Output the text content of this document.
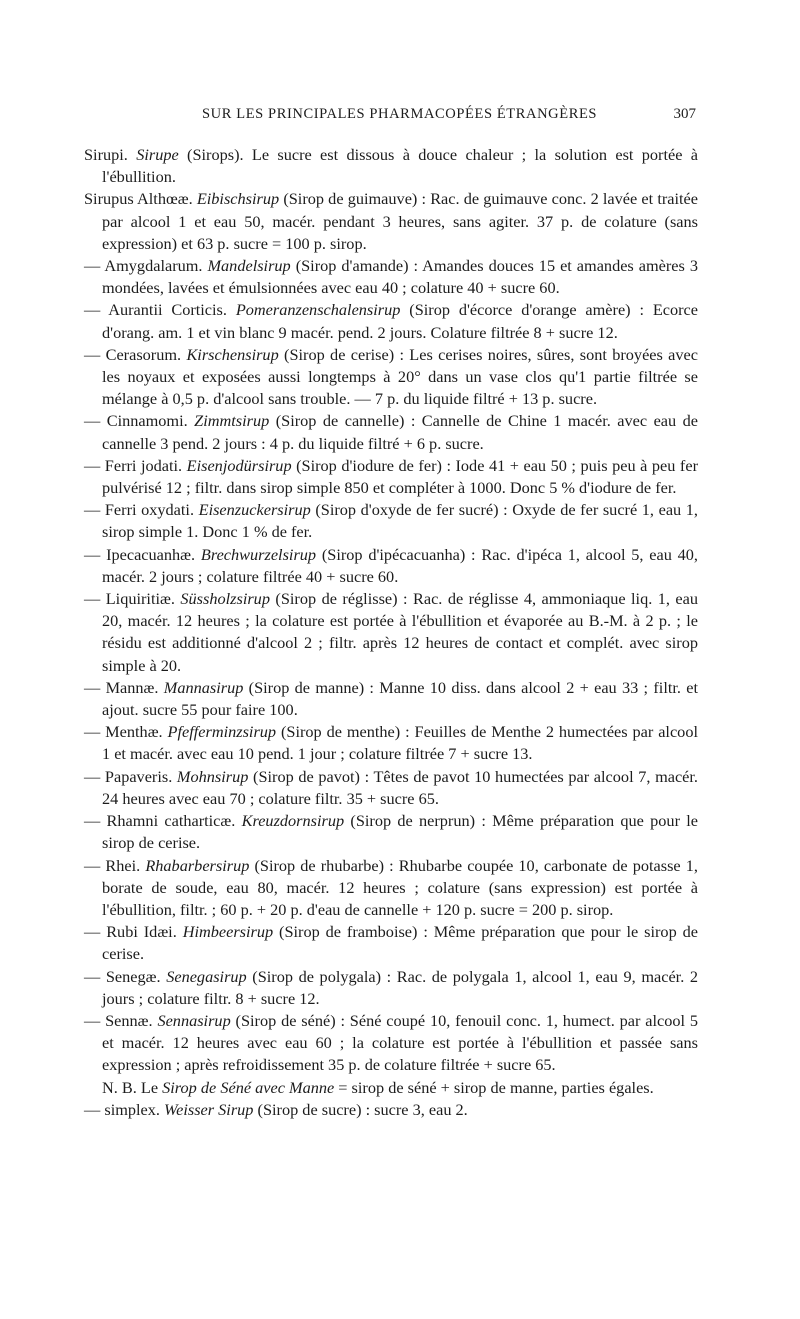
SUR LES PRINCIPALES PHARMACOPÉES ÉTRANGÈRES	307

Sirupi. Sirupe (Sirops). Le sucre est dissous à douce chaleur ; la solution est portée à l'ébullition.

Sirupus Althœæ. Eibischsirup (Sirop de guimauve) : Rac. de guimauve conc. 2 lavée et traitée par alcool 1 et eau 50, macér. pendant 3 heures, sans agiter. 37 p. de colature (sans expression) et 63 p. sucre = 100 p. sirop.

— Amygdalarum. Mandelsirup (Sirop d'amande) : Amandes douces 15 et amandes amères 3 mondées, lavées et émulsionnées avec eau 40 ; colature 40 + sucre 60.

— Aurantii Corticis. Pomeranzenschalensirup (Sirop d'écorce d'orange amère) : Ecorce d'orang. am. 1 et vin blanc 9 macér. pend. 2 jours. Colature filtrée 8 + sucre 12.

— Cerasorum. Kirschensirup (Sirop de cerise) : Les cerises noires, sûres, sont broyées avec les noyaux et exposées aussi longtemps à 20° dans un vase clos qu'1 partie filtrée se mélange à 0,5 p. d'alcool sans trouble. — 7 p. du liquide filtré + 13 p. sucre.

— Cinnamomi. Zimmtsirup (Sirop de cannelle) : Cannelle de Chine 1 macér. avec eau de cannelle 3 pend. 2 jours : 4 p. du liquide filtré + 6 p. sucre.

— Ferri jodati. Eisenjodürsirup (Sirop d'iodure de fer) : Iode 41 + eau 50 ; puis peu à peu fer pulvérisé 12 ; filtr. dans sirop simple 850 et compléter à 1000. Donc 5 % d'iodure de fer.

— Ferri oxydati. Eisenzuckersirup (Sirop d'oxyde de fer sucré) : Oxyde de fer sucré 1, eau 1, sirop simple 1. Donc 1 % de fer.

— Ipecacuanhæ. Brechwurzelsirup (Sirop d'ipécacuanha) : Rac. d'ipéca 1, alcool 5, eau 40, macér. 2 jours ; colature filtrée 40 + sucre 60.

— Liquiritiæ. Süssholzsirup (Sirop de réglisse) : Rac. de réglisse 4, ammoniaque liq. 1, eau 20, macér. 12 heures ; la colature est portée à l'ébullition et évaporée au B.-M. à 2 p. ; le résidu est additionné d'alcool 2 ; filtr. après 12 heures de contact et complét. avec sirop simple à 20.

— Mannæ. Mannasirup (Sirop de manne) : Manne 10 diss. dans alcool 2 + eau 33 ; filtr. et ajout. sucre 55 pour faire 100.

— Menthæ. Pfefferminzsirup (Sirop de menthe) : Feuilles de Menthe 2 humectées par alcool 1 et macér. avec eau 10 pend. 1 jour ; colature filtrée 7 + sucre 13.

— Papaveris. Mohnsirup (Sirop de pavot) : Têtes de pavot 10 humectées par alcool 7, macér. 24 heures avec eau 70 ; colature filtr. 35 + sucre 65.

— Rhamni catharticæ. Kreuzdornsirup (Sirop de nerprun) : Même préparation que pour le sirop de cerise.

— Rhei. Rhabarbersirup (Sirop de rhubarbe) : Rhubarbe coupée 10, carbonate de potasse 1, borate de soude, eau 80, macér. 12 heures ; colature (sans expression) est portée à l'ébullition, filtr. ; 60 p. + 20 p. d'eau de cannelle + 120 p. sucre = 200 p. sirop.

— Rubi Idæi. Himbeersirup (Sirop de framboise) : Même préparation que pour le sirop de cerise.

— Senegæ. Senegasirup (Sirop de polygala) : Rac. de polygala 1, alcool 1, eau 9, macér. 2 jours ; colature filtr. 8 + sucre 12.

— Sennæ. Sennasirup (Sirop de séné) : Séné coupé 10, fenouil conc. 1, humect. par alcool 5 et macér. 12 heures avec eau 60 ; la colature est portée à l'ébullition et passée sans expression ; après refroidissement 35 p. de colature filtrée + sucre 65.

N. B. Le Sirop de Séné avec Manne = sirop de séné + sirop de manne, parties égales.

— simplex. Weisser Sirup (Sirop de sucre) : sucre 3, eau 2.
